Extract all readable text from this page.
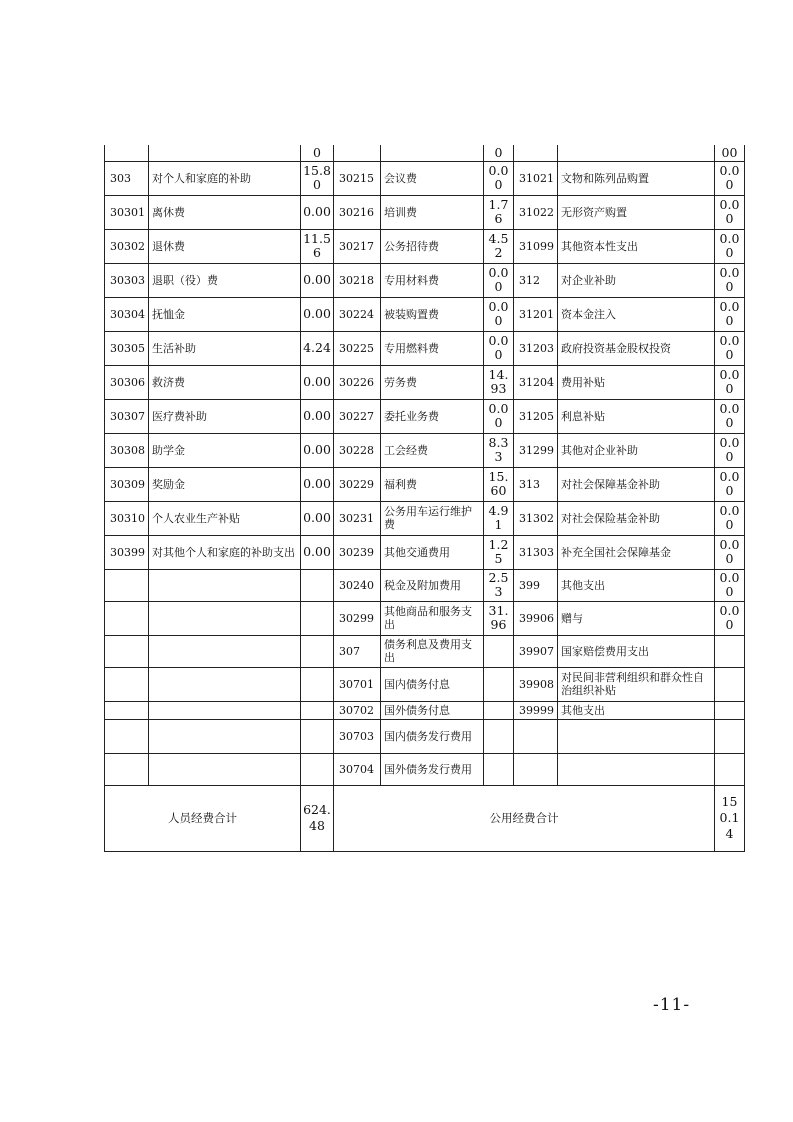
		0			0			00
303	对个人和家庭的补助	15.80	30215	会议费	0.00	31021	文物和陈列品购置	0.00
30301	离休费	0.00	30216	培训费	1.76	31022	无形资产购置	0.00
30302	退休费	11.56	30217	公务招待费	4.52	31099	其他资本性支出	0.00
30303	退职（役）费	0.00	30218	专用材料费	0.00	312	对企业补助	0.00
30304	抚恤金	0.00	30224	被装购置费	0.00	31201	资本金注入	0.00
30305	生活补助	4.24	30225	专用燃料费	0.00	31203	政府投资基金股权投资	0.00
30306	救济费	0.00	30226	劳务费	14.93	31204	费用补贴	0.00
30307	医疗费补助	0.00	30227	委托业务费	0.00	31205	利息补贴	0.00
30308	助学金	0.00	30228	工会经费	8.33	31299	其他对企业补助	0.00
30309	奖励金	0.00	30229	福利费	15.60	313	对社会保障基金补助	0.00
30310	个人农业生产补贴	0.00	30231	公务用车运行维护费	4.91	31302	对社会保险基金补助	0.00
30399	对其他个人和家庭的补助支出	0.00	30239	其他交通费用	1.25	31303	补充全国社会保障基金	0.00
			30240	税金及附加费用	2.53	399	其他支出	0.00
			30299	其他商品和服务支出	31.96	39906	赠与	0.00
			307	债务利息及费用支出		39907	国家赔偿费用支出	
			30701	国内债务付息		39908	对民间非营利组织和群众性自治组织补贴	
			30702	国外债务付息		39999	其他支出	
			30703	国内债务发行费用				
			30704	国外债务发行费用				
人员经费合计		624.48	公用经费合计					150.14
-11-
